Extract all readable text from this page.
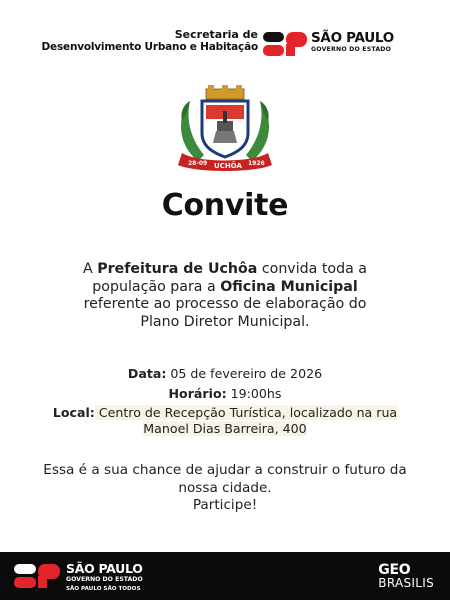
Secretaria de
Desenvolvimento Urbano e Habitação
SÃO PAULO
GOVERNO DO ESTADO
28-09 UCHÔA 1926
Convite
A Prefeitura de Uchôa convida toda a população para a Oficina Municipal referente ao processo de elaboração do Plano Diretor Municipal.
Data: 05 de fevereiro de 2026
Horário: 19:00hs
Local: Centro de Recepção Turística, localizado na rua Manoel Dias Barreira, 400
Essa é a sua chance de ajudar a construir o futuro da nossa cidade.
Participe!
SÃO PAULO
GOVERNO DO ESTADO
SÃO PAULO SÃO TODOS
GEO
BRASILIS
